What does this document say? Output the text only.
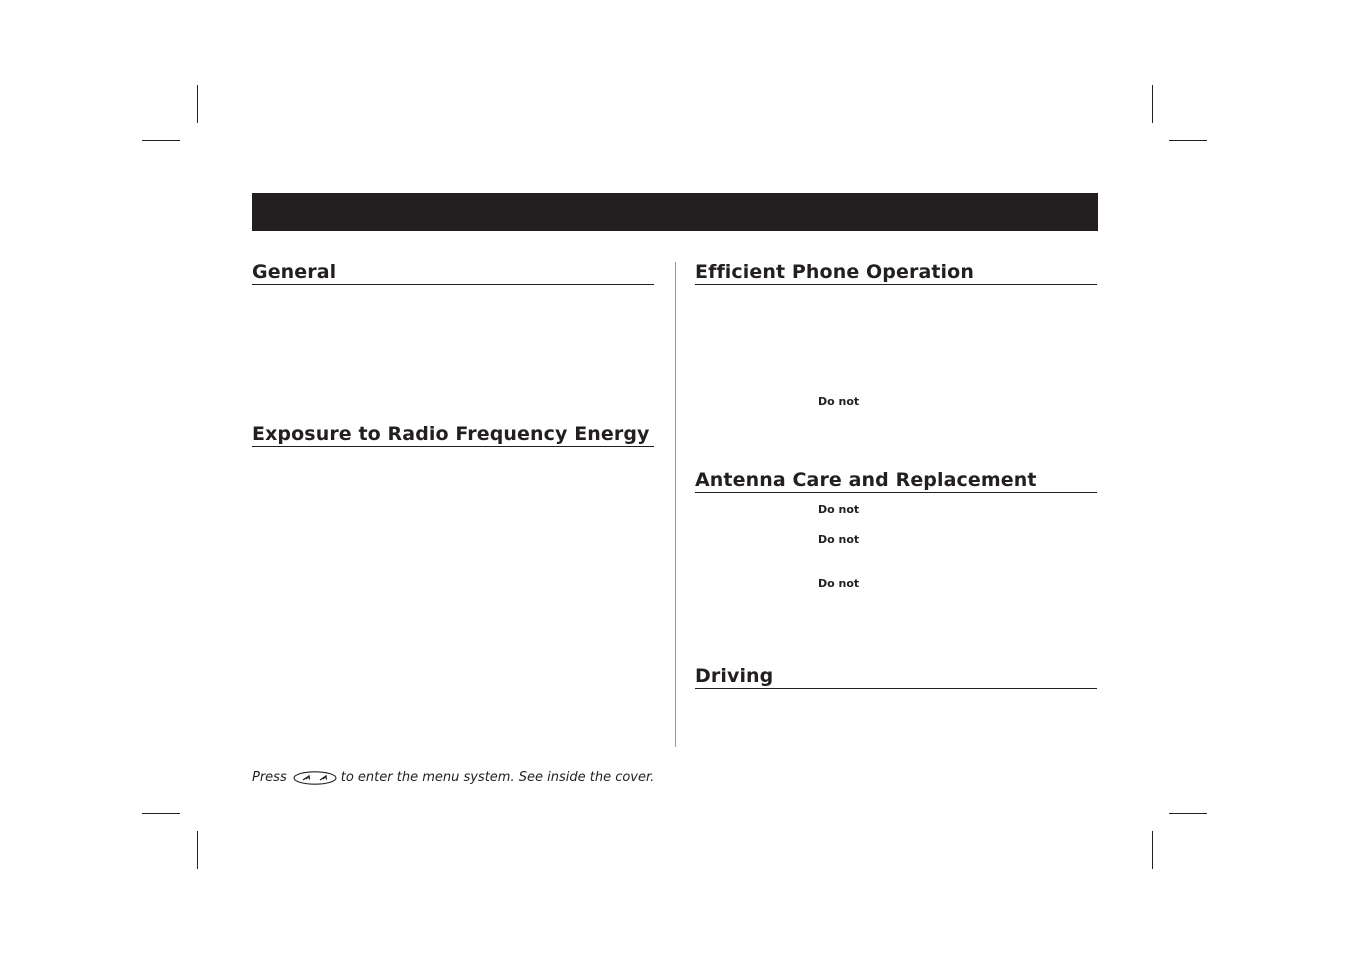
General
Exposure to Radio Frequency Energy
Efficient Phone Operation
Do not
Antenna Care and Replacement
Do not
Do not
Do not
Driving
Press	to enter the menu system. See inside the cover.
